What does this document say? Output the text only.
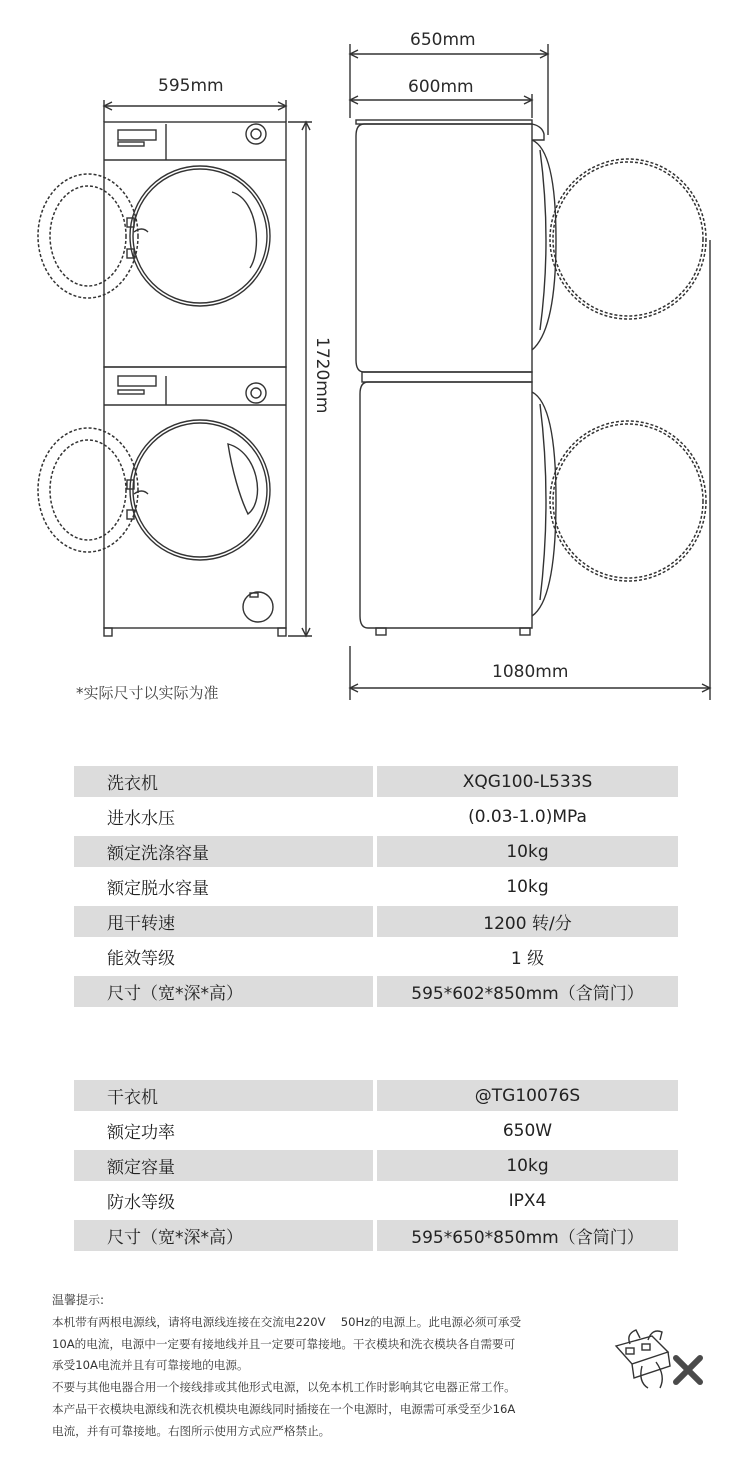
595mm
650mm
600mm
1720mm
1080mm
*实际尺寸以实际为准
洗衣机	XQG100-L533S
进水水压	(0.03-1.0)MPa
额定洗涤容量	10kg
额定脱水容量	10kg
甩干转速	1200 转/分
能效等级	1 级
尺寸（宽*深*高）	595*602*850mm（含筒门）
干衣机	@TG10076S
额定功率	650W
额定容量	10kg
防水等级	IPX4
尺寸（宽*深*高）	595*650*850mm（含筒门）

温馨提示:

本机带有两根电源线，请将电源线连接在交流电220V　 50Hz的电源上。此电源必须可承受

10A的电流，电源中一定要有接地线并且一定要可靠接地。干衣模块和洗衣模块各自需要可

承受10A电流并且有可靠接地的电源。

不要与其他电器合用一个接线排或其他形式电源，以免本机工作时影响其它电器正常工作。

本产品干衣模块电源线和洗衣机模块电源线同时插接在一个电源时，电源需可承受至少16A

电流，并有可靠接地。右图所示使用方式应严格禁止。
